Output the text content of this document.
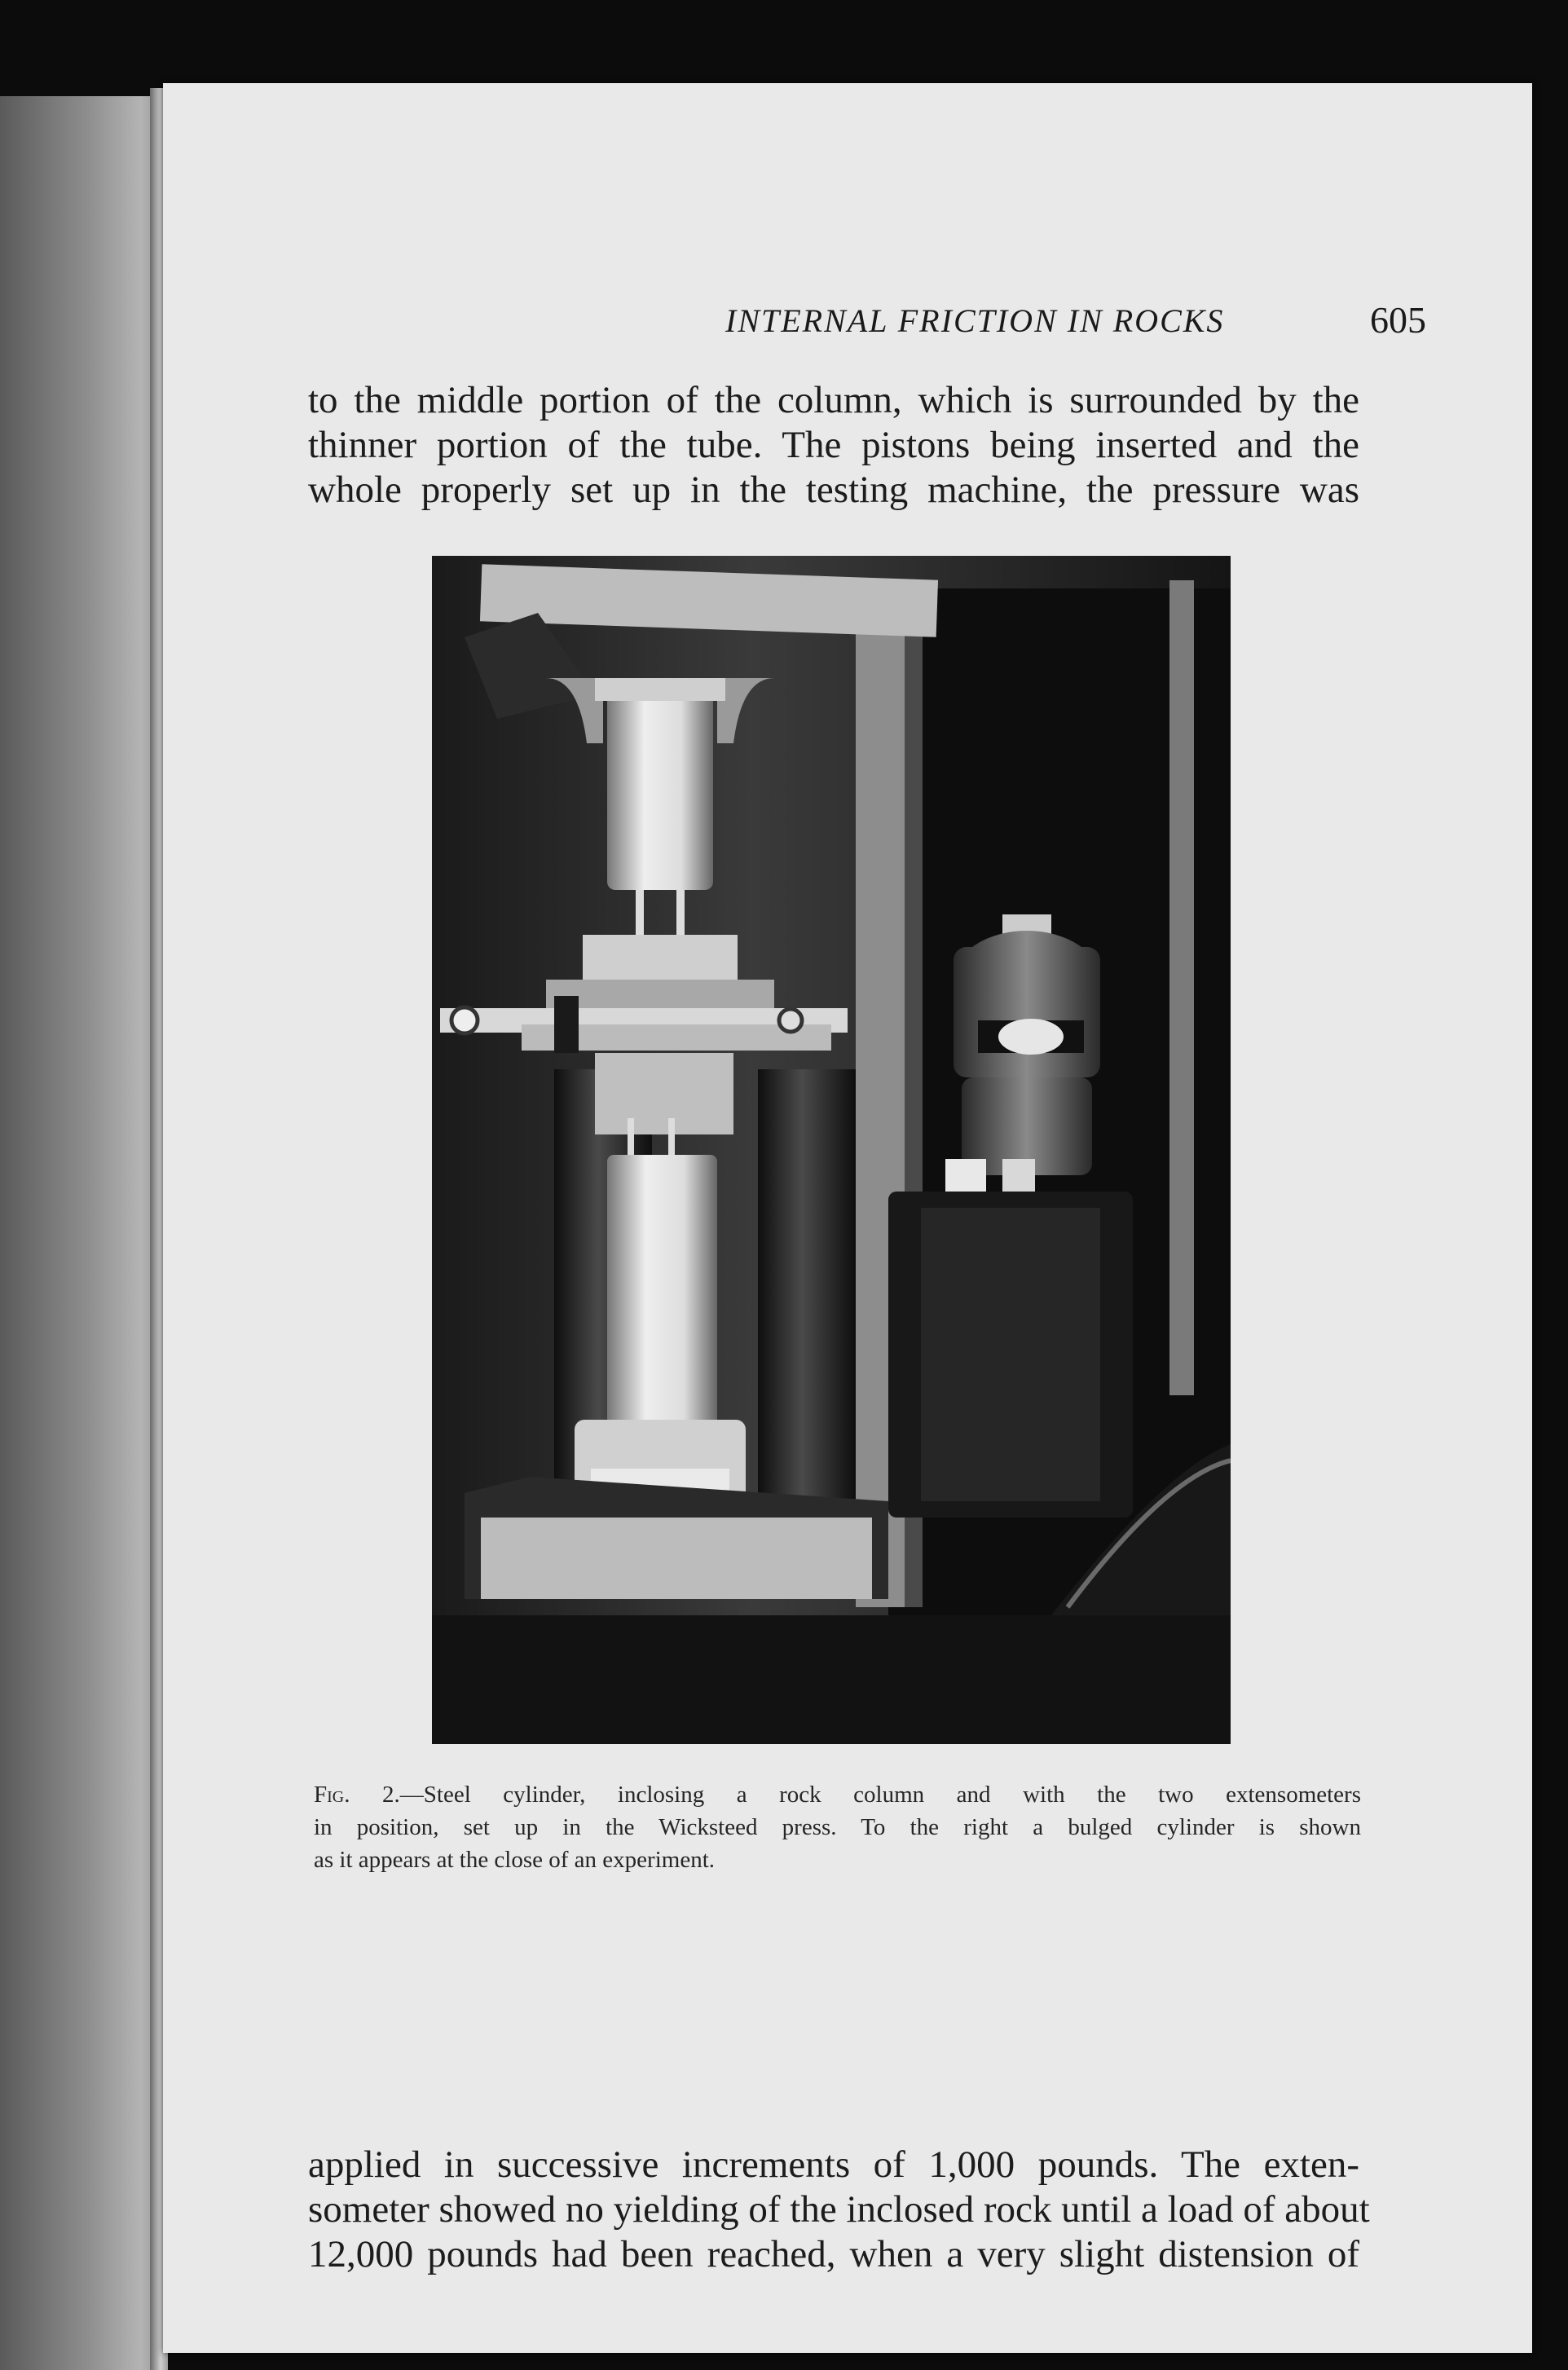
INTERNAL FRICTION IN ROCKS	605

to the middle portion of the column, which is surrounded by the
thinner portion of the tube. The pistons being inserted and the
whole properly set up in the testing machine, the pressure was

Fig. 2.—Steel cylinder, inclosing a rock column and with the two extensometers
in position, set up in the Wicksteed press. To the right a bulged cylinder is shown
as it appears at the close of an experiment.

applied in successive increments of 1,000 pounds. The exten-
someter showed no yielding of the inclosed rock until a load of about
12,000 pounds had been reached, when a very slight distension of
